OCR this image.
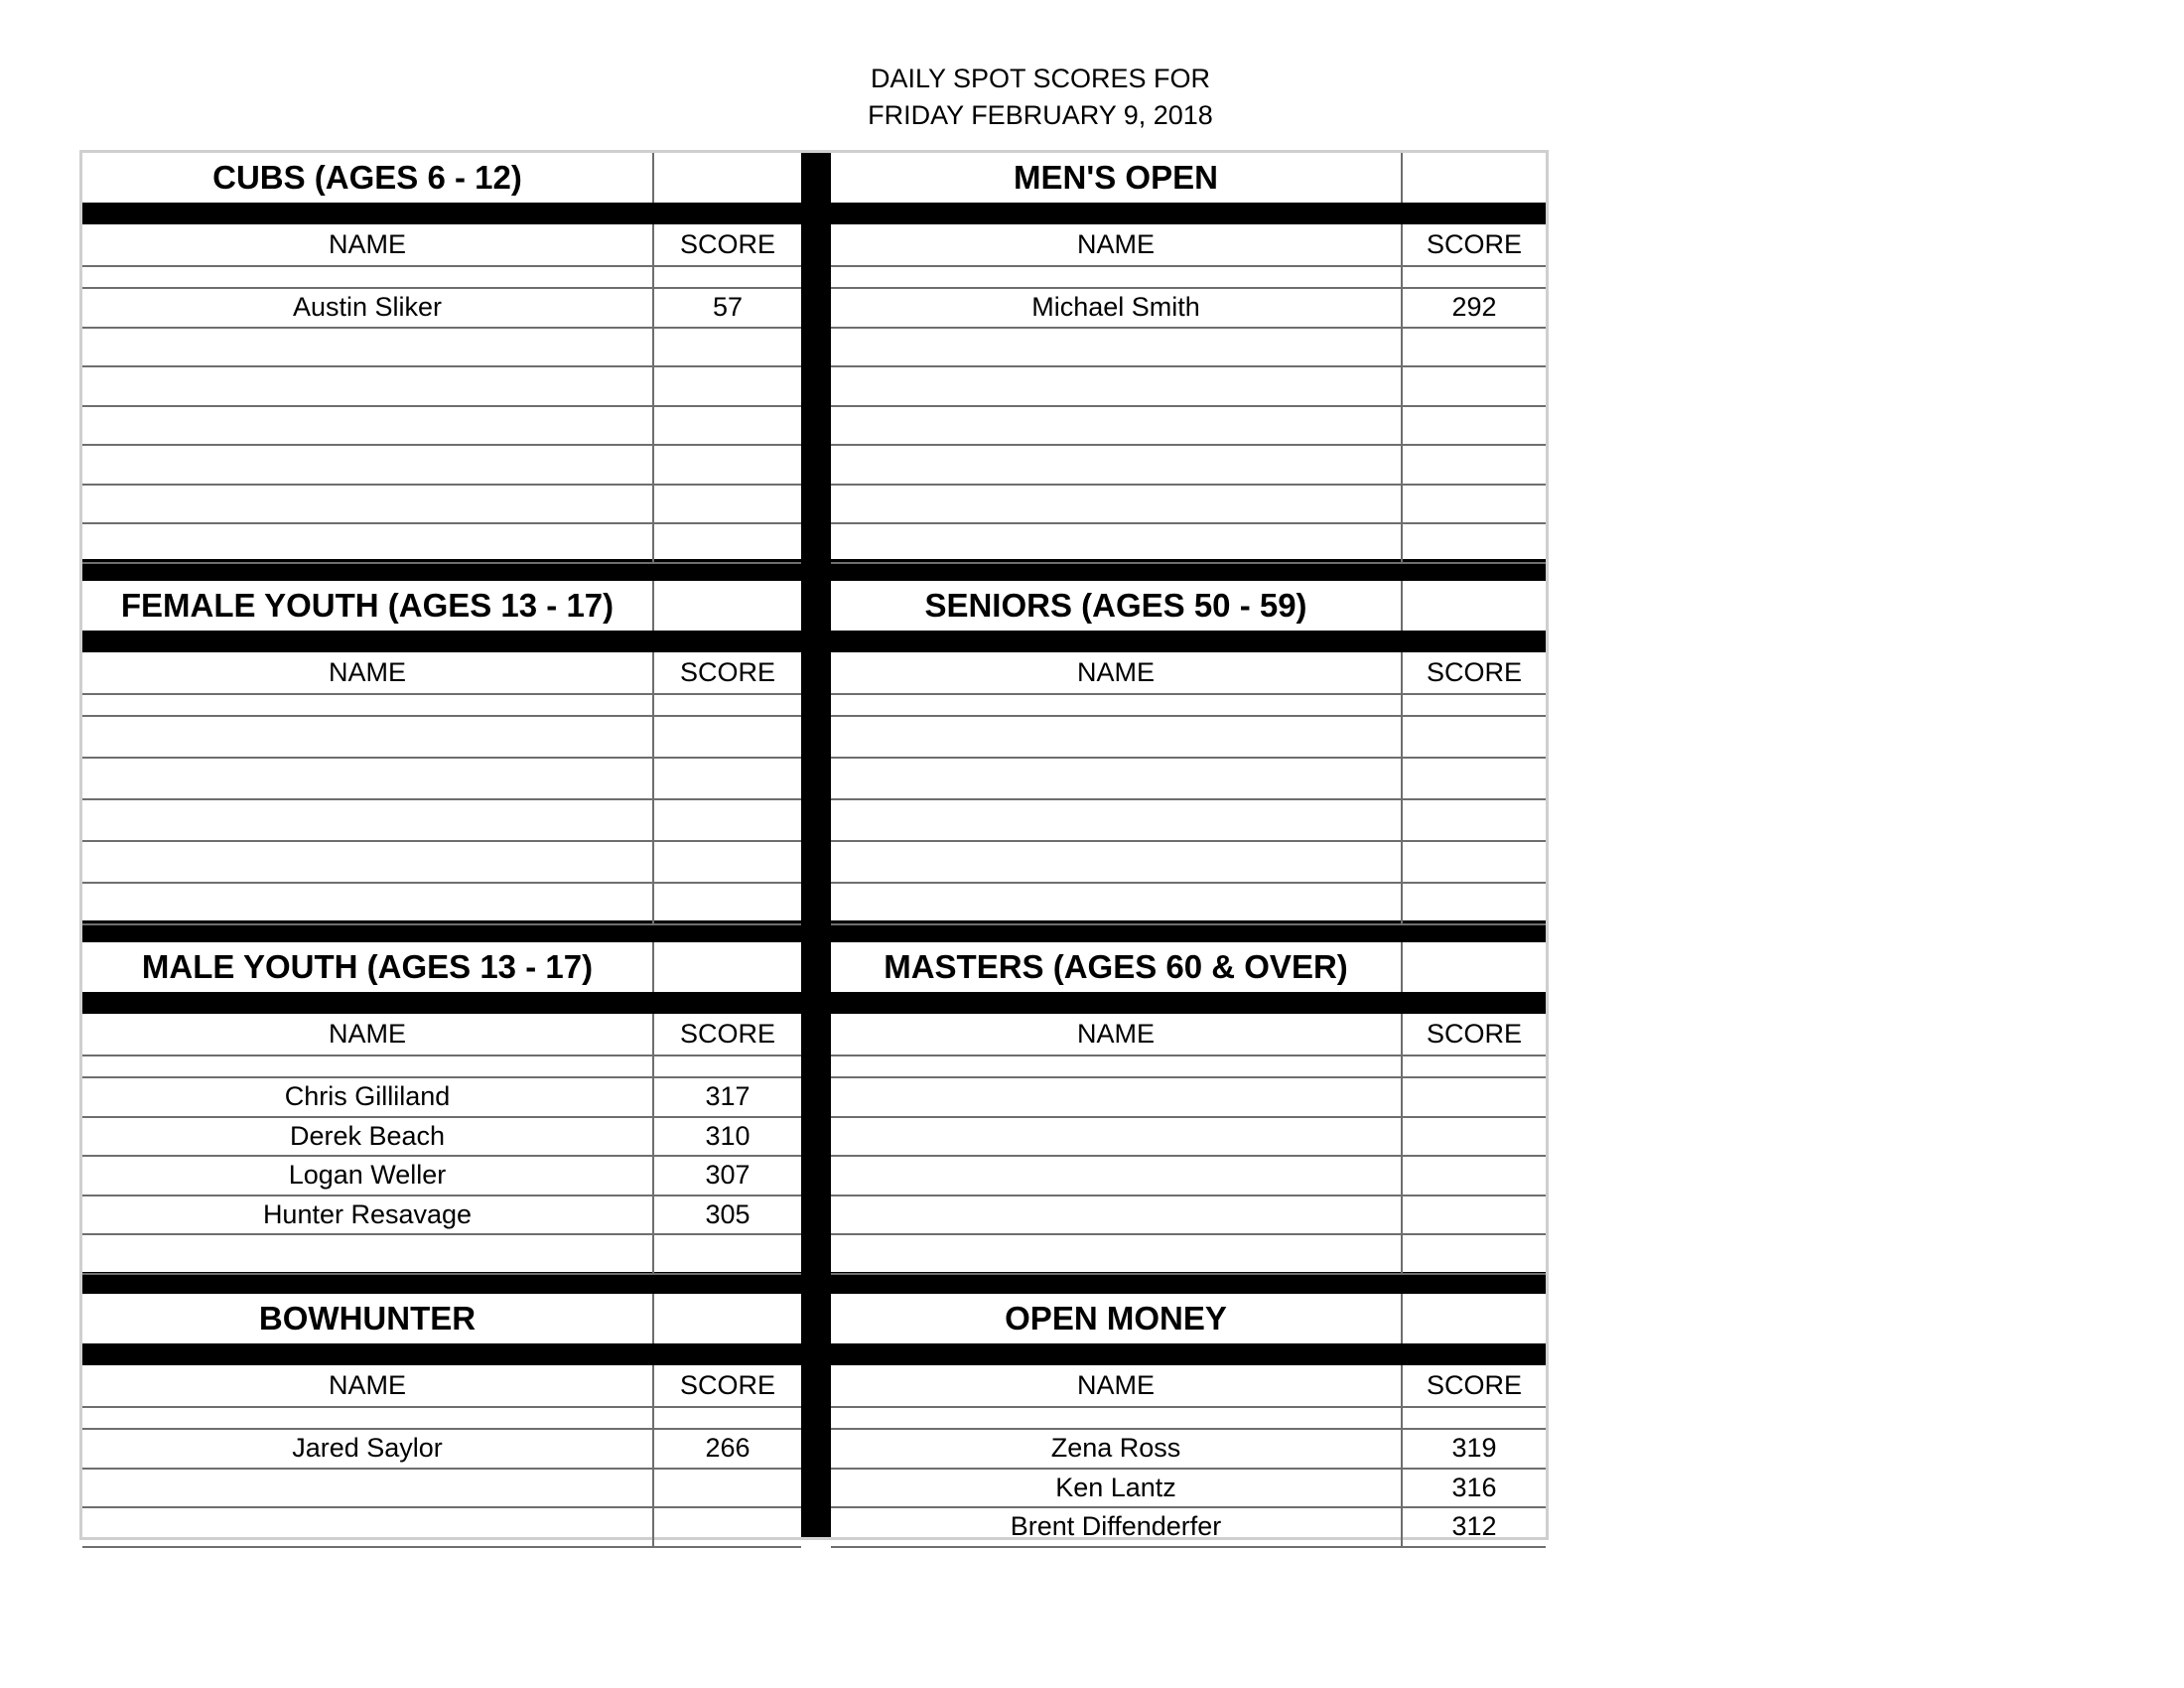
DAILY SPOT SCORES FOR
FRIDAY FEBRUARY 9, 2018
CUBS (AGES 6 - 12)
NAME	SCORE
Austin Sliker	57
MEN'S OPEN
NAME	SCORE
Michael Smith	292
FEMALE YOUTH (AGES 13 - 17)
NAME	SCORE
SENIORS (AGES 50 - 59)
NAME	SCORE
MALE YOUTH (AGES 13 - 17)
NAME	SCORE
Chris Gilliland	317
Derek Beach	310
Logan Weller	307
Hunter Resavage	305
MASTERS (AGES 60 & OVER)
NAME	SCORE
BOWHUNTER
NAME	SCORE
Jared Saylor	266
OPEN MONEY
NAME	SCORE
Zena Ross	319
Ken Lantz	316
Brent Diffenderfer	312
